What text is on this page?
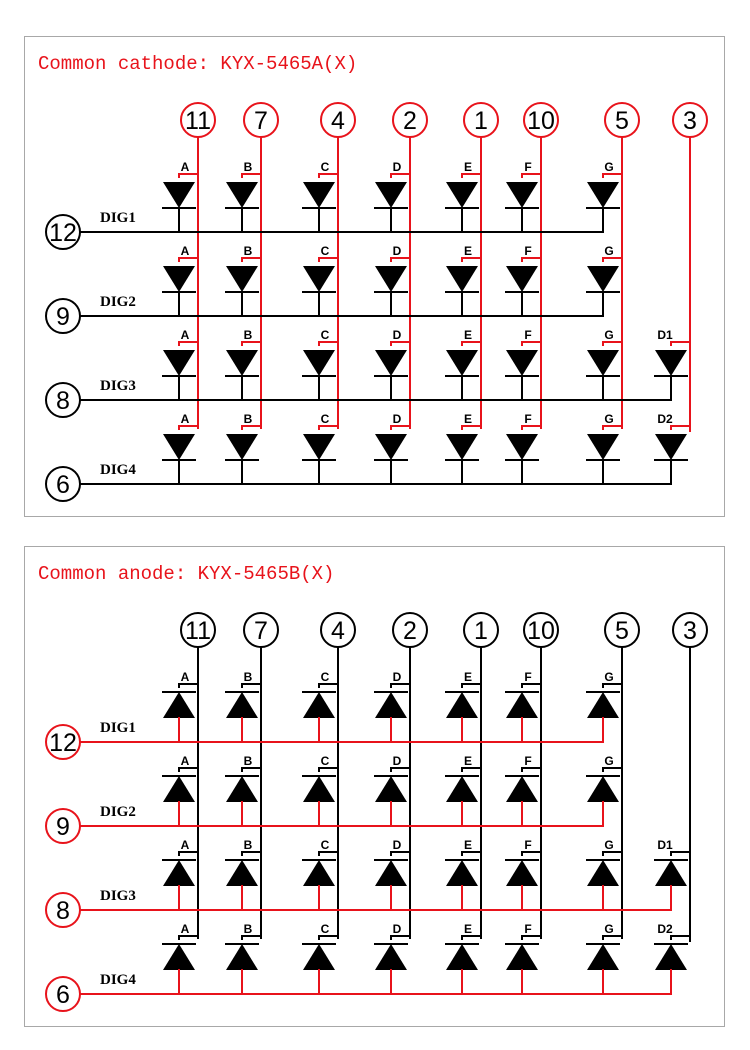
Common cathode: KYX-5465A(X)
11 7	4 2 1 10 5 3
12
DIG1
A	B	C	D	E	F	G
9
DIG2
A	B	C	D	E	F	G
8
DIG3
A	B	C	D	E	F	G	D1
6
DIG4
A	B	C	D	E	F	G	D2
Common anode: KYX-5465B(X)
11 7	4 2 1 10 5 3
12
DIG1
A	B	C	D	E	F	G
9
DIG2
A	B	C	D	E	F	G
8
DIG3
A	B	C	D	E	F	G	D1
6
DIG4
A	B	C	D	E	F	G	D2
